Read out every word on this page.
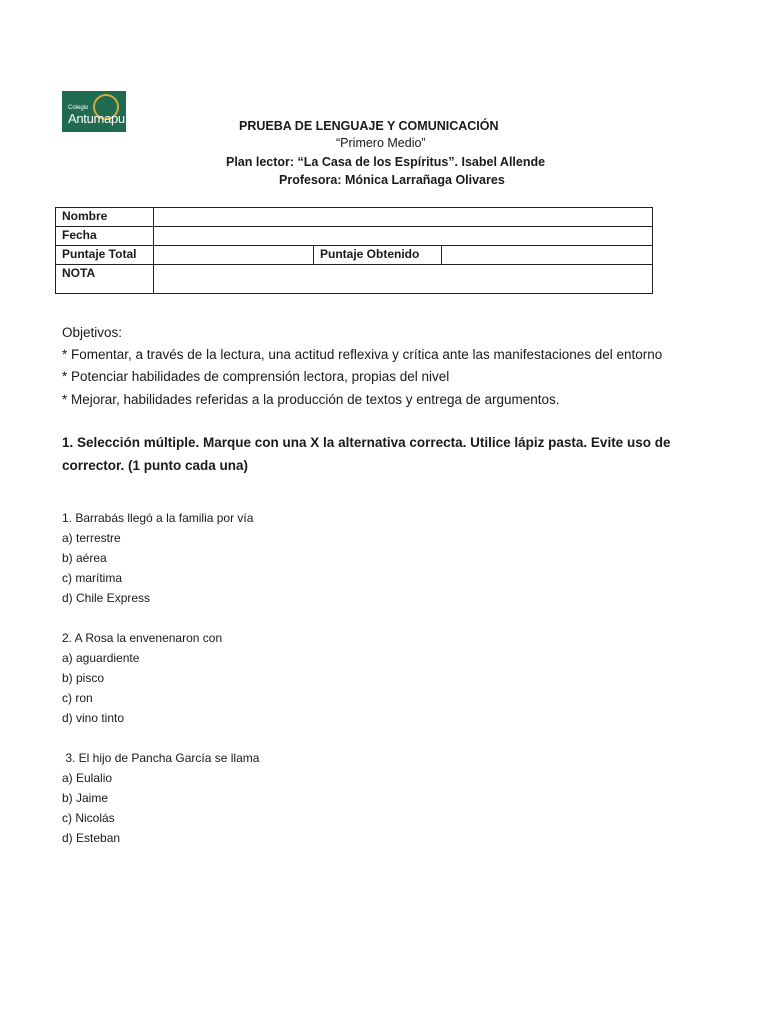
Colegio
Antumapu	PRUEBA DE LENGUAJE Y COMUNICACIÓN
“Primero Medio”
Plan lector: “La Casa de los Espíritus”. Isabel Allende
Profesora: Mónica Larrañaga Olivares
Nombre			
Fecha			
Puntaje Total		Puntaje Obtenido	
NOTA			
Objetivos:
* Fomentar, a través de la lectura, una actitud reflexiva y crítica ante las manifestaciones del entorno
* Potenciar habilidades de comprensión lectora, propias del nivel
* Mejorar, habilidades referidas a la producción de textos y entrega de argumentos.
1. Selección múltiple. Marque con una X la alternativa correcta. Utilice lápiz pasta. Evite uso de
corrector. (1 punto cada una)
1. Barrabás llegó a la familia por vía
a) terrestre
b) aérea
c) marítima
d) Chile Express
2. A Rosa la envenenaron con
a) aguardiente
b) pisco
c) ron
d) vino tinto
3. El hijo de Pancha García se llama
a) Eulalio
b) Jaime
c) Nicolás
d) Esteban
